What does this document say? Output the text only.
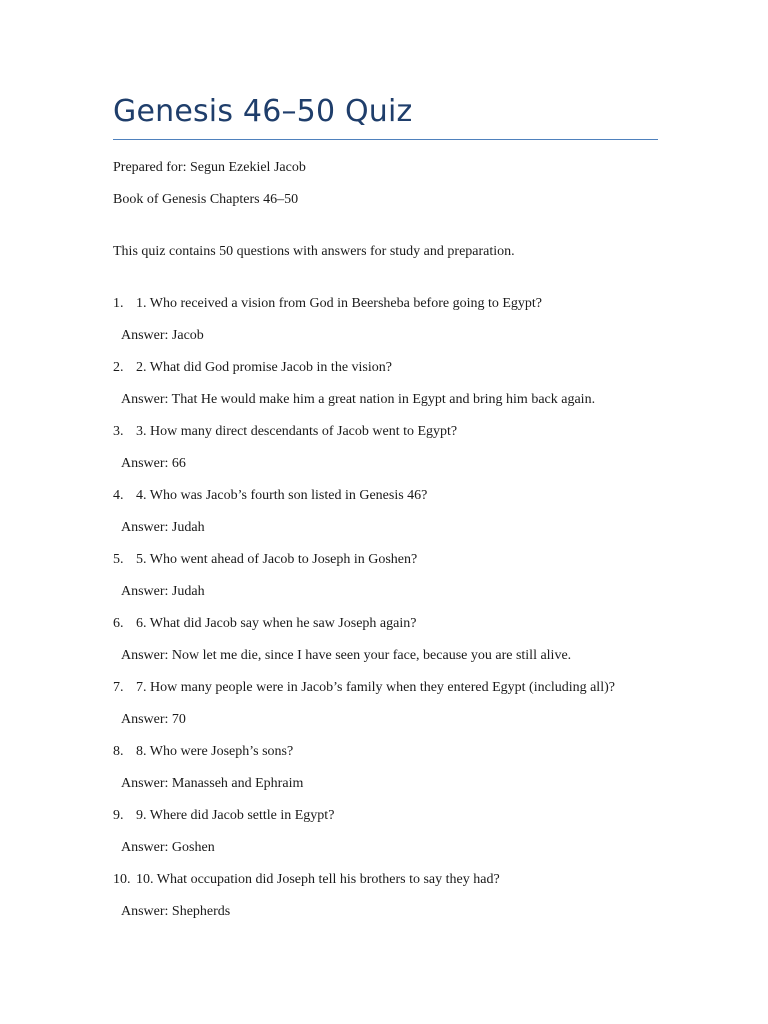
Genesis 46–50 Quiz
Prepared for: Segun Ezekiel Jacob
Book of Genesis Chapters 46–50
This quiz contains 50 questions with answers for study and preparation.
1. 1. Who received a vision from God in Beersheba before going to Egypt?
Answer: Jacob
2. 2. What did God promise Jacob in the vision?
Answer: That He would make him a great nation in Egypt and bring him back again.
3. 3. How many direct descendants of Jacob went to Egypt?
Answer: 66
4. 4. Who was Jacob’s fourth son listed in Genesis 46?
Answer: Judah
5. 5. Who went ahead of Jacob to Joseph in Goshen?
Answer: Judah
6. 6. What did Jacob say when he saw Joseph again?
Answer: Now let me die, since I have seen your face, because you are still alive.
7. 7. How many people were in Jacob’s family when they entered Egypt (including all)?
Answer: 70
8. 8. Who were Joseph’s sons?
Answer: Manasseh and Ephraim
9. 9. Where did Jacob settle in Egypt?
Answer: Goshen
10. 10. What occupation did Joseph tell his brothers to say they had?
Answer: Shepherds
